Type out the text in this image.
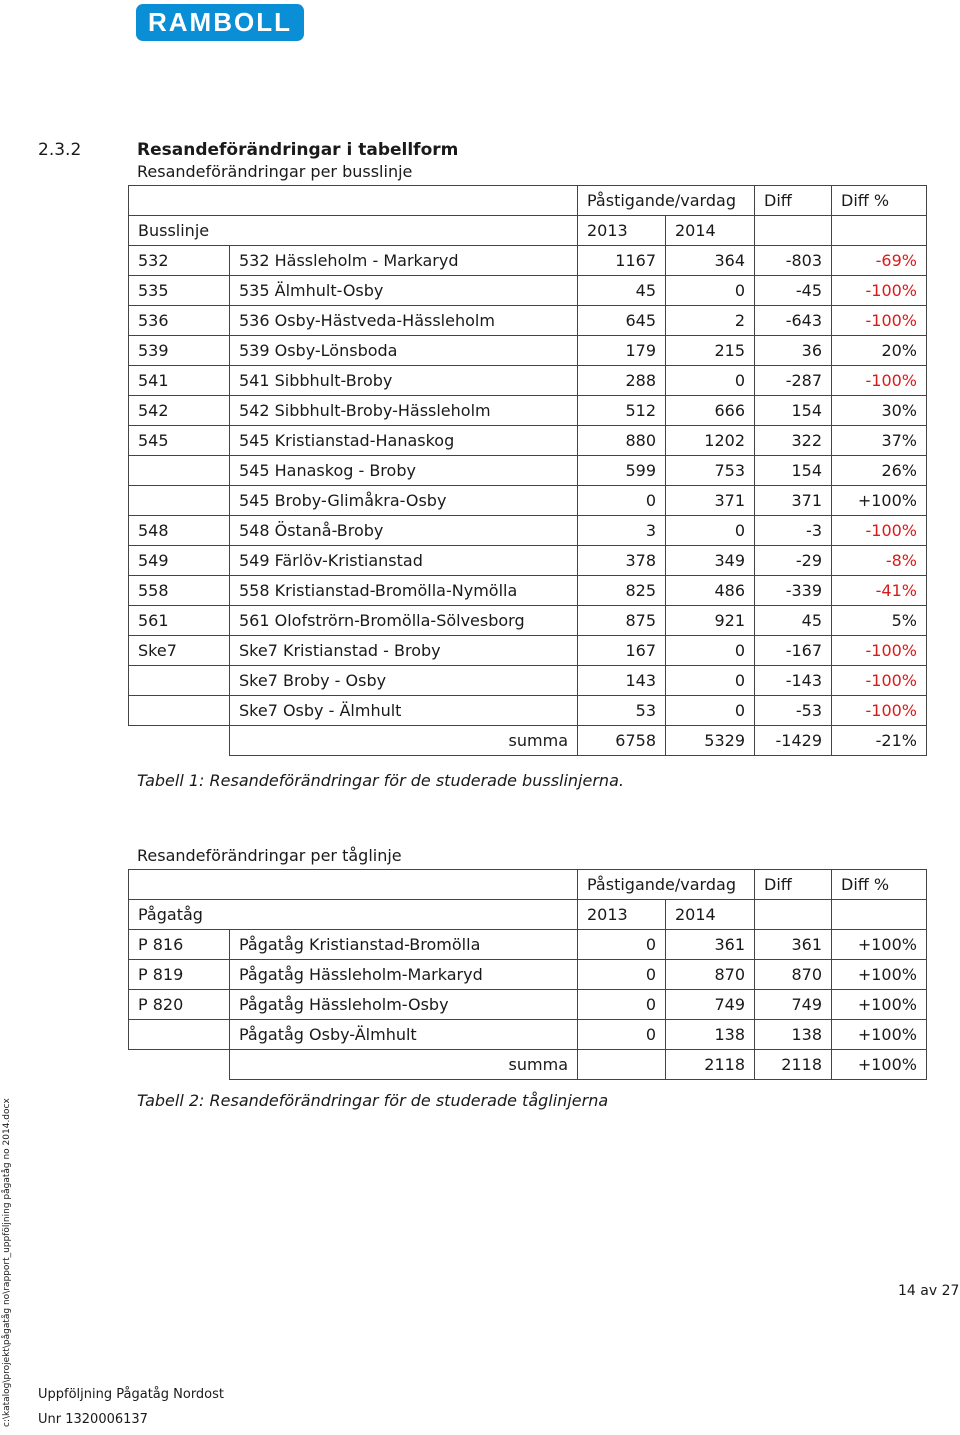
RAMBOLL
2.3.2	Resandeförändringar i tabellform
Resandeförändringar per busslinje
		Påstigande/vardag		Diff	Diff %
Busslinje		2013	2014		
532	532 Hässleholm - Markaryd	1167	364	-803	-69%
535	535 Älmhult-Osby	45	0	-45	-100%
536	536 Osby-Hästveda-Hässleholm	645	2	-643	-100%
539	539 Osby-Lönsboda	179	215	36	20%
541	541 Sibbhult-Broby	288	0	-287	-100%
542	542 Sibbhult-Broby-Hässleholm	512	666	154	30%
545	545 Kristianstad-Hanaskog	880	1202	322	37%
	545 Hanaskog - Broby	599	753	154	26%
	545 Broby-Glimåkra-Osby	0	371	371	+100%
548	548 Östanå-Broby	3	0	-3	-100%
549	549 Färlöv-Kristianstad	378	349	-29	-8%
558	558 Kristianstad-Bromölla-Nymölla	825	486	-339	-41%
561	561 Olofströrn-Bromölla-Sölvesborg	875	921	45	5%
Ske7	Ske7 Kristianstad - Broby	167	0	-167	-100%
	Ske7 Broby - Osby	143	0	-143	-100%
	Ske7 Osby - Älmhult	53	0	-53	-100%
	summa	6758	5329	-1429	-21%
Tabell 1: Resandeförändringar för de studerade busslinjerna.
Resandeförändringar per tåglinje
		Påstigande/vardag		Diff	Diff %
Pågatåg		2013	2014		
P 816	Pågatåg Kristianstad-Bromölla	0	361	361	+100%
P 819	Pågatåg Hässleholm-Markaryd	0	870	870	+100%
P 820	Pågatåg Hässleholm-Osby	0	749	749	+100%
	Pågatåg Osby-Älmhult	0	138	138	+100%
	summa		2118	2118	+100%
Tabell 2: Resandeförändringar för de studerade tåglinjerna
c:\katalog\projekt\pågatåg no\rapport_uppföljning pågatåg no 2014.docx	14 av 27
Uppföljning Pågatåg Nordost
Unr 1320006137
